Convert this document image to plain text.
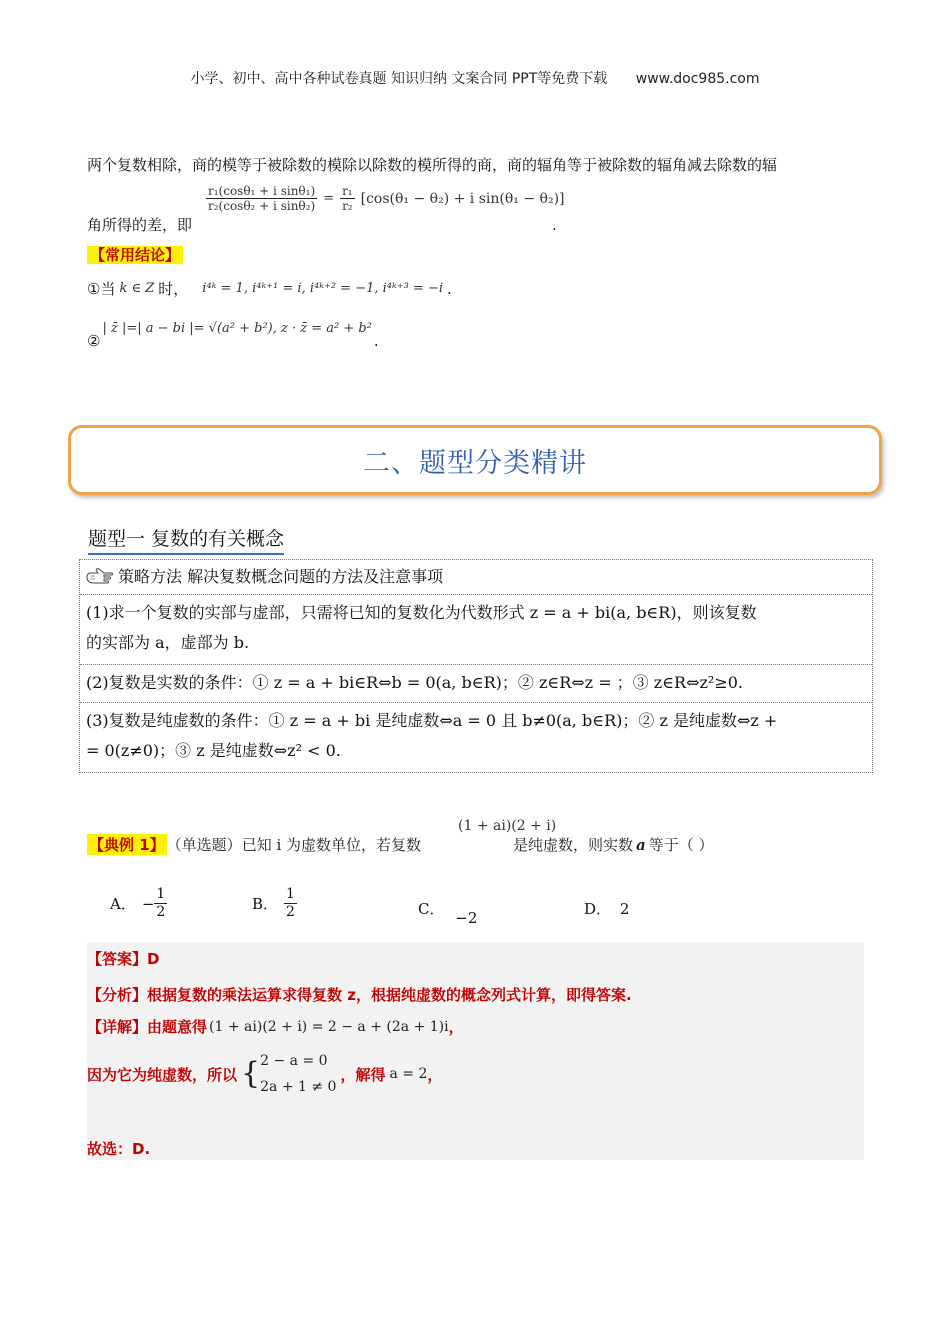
小学、初中、高中各种试卷真题 知识归纳 文案合同 PPT等免费下载 www.doc985.com
两个复数相除，商的模等于被除数的模除以除数的模所得的商，商的辐角等于被除数的辐角减去除数的辐
$\frac{\text{r₁(cosθ₁ + i sinθ₁)}}{\text{r₂(cosθ₂ + i sinθ₂)}} = \frac{\text{r₁}}{\text{r₂}} [\cos(\theta_1 - \theta_2) + i$ sin(θ₁ − θ₂)]
角所得的差，即	.
【常用结论】
①当 k ∈ Z 时， i⁴ᵏ = 1, i⁴ᵏ⁺¹ = i, i⁴ᵏ⁺² = −1, i⁴ᵏ⁺³ = −i .
②
| z̄ |=| a − bi |= √(a² + b²), z · z̄ = a² + b²
.
二、题型分类精讲
题型一 复数的有关概念
策略方法 解决复数概念问题的方法及注意事项
(1)求一个复数的实部与虚部，只需将已知的复数化为代数形式 z = a + bi(a, b∈R)，则该复数
的实部为 a，虚部为 b.
(2)复数是实数的条件：① z = a + bi∈R⇔b = 0(a, b∈R)；② z∈R⇔z = ；③ z∈R⇔z²≥0.
(3)复数是纯虚数的条件：① z = a + bi 是纯虚数⇔a = 0 且 b≠0(a, b∈R)；② z 是纯虚数⇔z +
= 0(z≠0)；③ z 是纯虚数⇔z² < 0.
(1 + ai)(2 + i)
【典例 1】 （单选题） 已知 i 为虚数单位，若复数	是纯虚数，则实数 a 等于（ ）
A． − $\frac{1}{2}$	B． $\frac{1}{2}$	C． −2	D． 2
【答案】D
【分析】根据复数的乘法运算求得复数 z，根据纯虚数的概念列式计算，即得答案.
【详解】 由题意得 (1 + ai)(2 + i) = 2 − a + (2a + 1)i ，
因为它为纯虚数，所以 { 2 − a = 0
2a + 1 ≠ 0
，解得 a = 2 ，
故选：D.
